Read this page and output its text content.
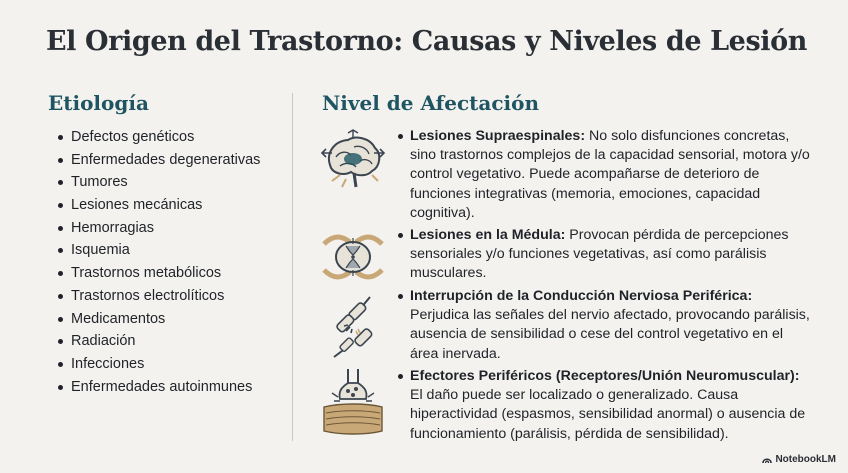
El Origen del Trastorno: Causas y Niveles de Lesión
Etiología
Defectos genéticos
Enfermedades degenerativas
Tumores
Lesiones mecánicas
Hemorragias
Isquemia
Trastornos metabólicos
Trastornos electrolíticos
Medicamentos
Radiación
Infecciones
Enfermedades autoinmunes
Nivel de Afectación
Lesiones Supraespinales: No solo disfunciones concretas, sino trastornos complejos de la capacidad sensorial, motora y/o control vegetativo. Puede acompañarse de deterioro de funciones integrativas (memoria, emociones, capacidad cognitiva).
Lesiones en la Médula: Provocan pérdida de percepciones sensoriales y/o funciones vegetativas, así como parálisis musculares.
Interrupción de la Conducción Nerviosa Periférica: Perjudica las señales del nervio afectado, provocando parálisis, ausencia de sensibilidad o cese del control vegetativo en el área inervada.
Efectores Periféricos (Receptores/Unión Neuromuscular): El daño puede ser localizado o generalizado. Causa hiperactividad (espasmos, sensibilidad anormal) o ausencia de funcionamiento (parálisis, pérdida de sensibilidad).
NotebookLM
